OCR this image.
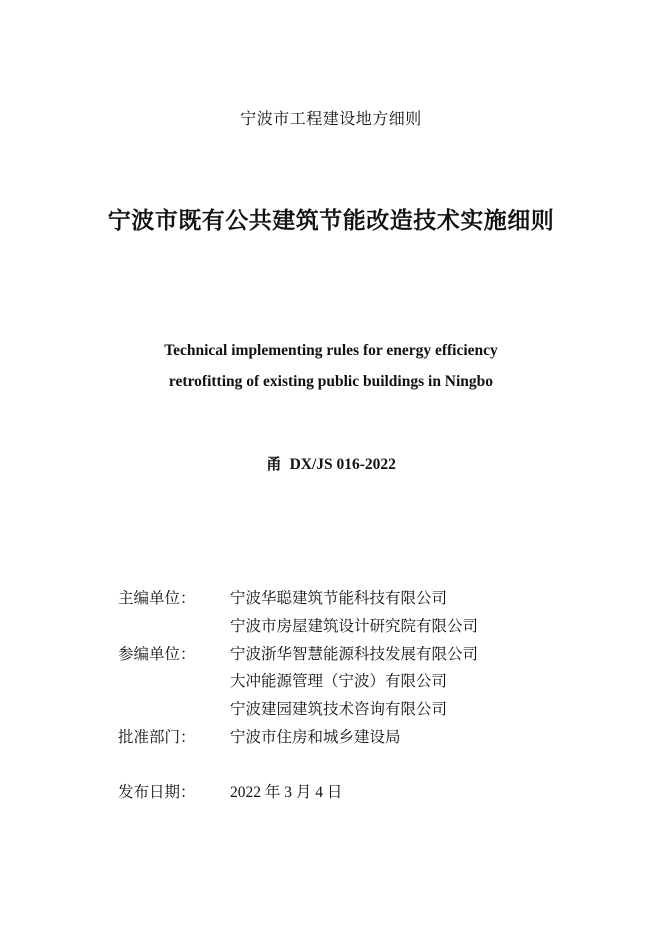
宁波市工程建设地方细则
宁波市既有公共建筑节能改造技术实施细则
Technical implementing rules for energy efficiency
retrofitting of existing public buildings in Ningbo
甬 DX/JS 016-2022
主编单位： 宁波华聪建筑节能科技有限公司
宁波市房屋建筑设计研究院有限公司
参编单位： 宁波浙华智慧能源科技发展有限公司
大冲能源管理（宁波）有限公司
宁波建园建筑技术咨询有限公司
批准部门： 宁波市住房和城乡建设局
发布日期： 2022 年 3 月 4 日
